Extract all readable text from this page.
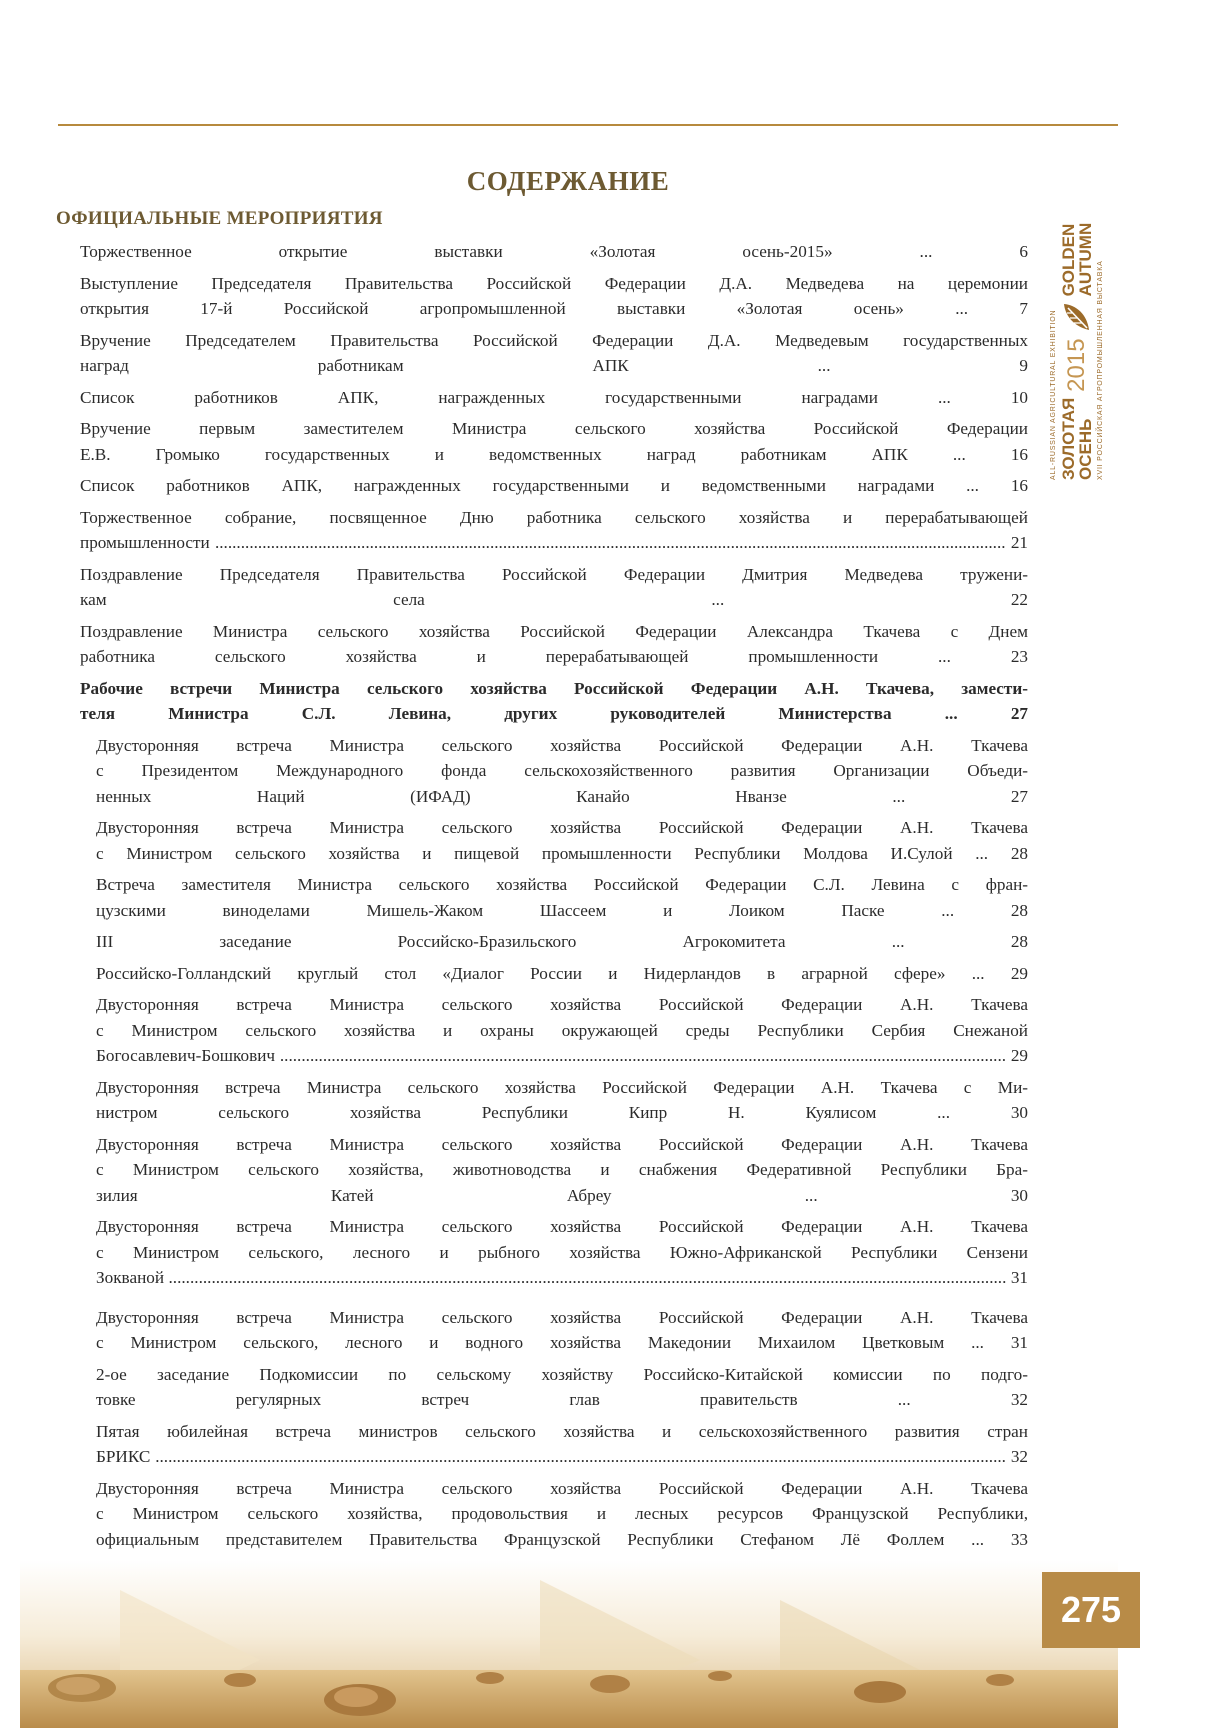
СОДЕРЖАНИЕ
ОФИЦИАЛЬНЫЕ МЕРОПРИЯТИЯ
Торжественное открытие выставки «Золотая осень-2015» ... 6
Выступление Председателя Правительства Российской Федерации Д.А. Медведева на церемонии
открытия 17-й Российской агропромышленной выставки «Золотая осень» ... 7
Вручение Председателем Правительства Российской Федерации Д.А. Медведевым государственных
наград работникам АПК ... 9
Список работников АПК, награжденных государственными наградами ... 10
Вручение первым заместителем Министра сельского хозяйства Российской Федерации
Е.В. Громыко государственных и ведомственных наград работникам АПК ... 16
Список работников АПК, награжденных государственными и ведомственными наградами ... 16
Торжественное собрание, посвященное Дню работника сельского хозяйства и перерабатывающей
промышленности ........................................................................................................................................................................................ 21
Поздравление Председателя Правительства Российской Федерации Дмитрия Медведева тружени-
кам села ... 22
Поздравление Министра сельского хозяйства Российской Федерации Александра Ткачева с Днем
работника сельского хозяйства и перерабатывающей промышленности ... 23
Рабочие встречи Министра сельского хозяйства Российской Федерации А.Н. Ткачева, замести-
теля Министра С.Л. Левина, других руководителей Министерства ... 27
Двусторонняя встреча Министра сельского хозяйства Российской Федерации А.Н. Ткачева
с Президентом Международного фонда сельскохозяйственного развития Организации Объеди-
ненных Наций (ИФАД) Канайо Нванзе ... 27
Двусторонняя встреча Министра сельского хозяйства Российской Федерации А.Н. Ткачева
с Министром сельского хозяйства и пищевой промышленности Республики Молдова И.Сулой ... 28
Встреча заместителя Министра сельского хозяйства Российской Федерации С.Л. Левина с фран-
цузскими виноделами Мишель-Жаком Шассеем и Лоиком Паске ... 28
III заседание Российско-Бразильского Агрокомитета ... 28
Российско-Голландский круглый стол «Диалог России и Нидерландов в аграрной сфере» ... 29
Двусторонняя встреча Министра сельского хозяйства Российской Федерации А.Н. Ткачева
с Министром сельского хозяйства и охраны окружающей среды Республики Сербия Снежаной
Богосавлевич-Бошкович ......................................................................................................................................................................... 29
Двусторонняя встреча Министра сельского хозяйства Российской Федерации А.Н. Ткачева с Ми-
нистром сельского хозяйства Республики Кипр Н. Куялисом ... 30
Двусторонняя встреча Министра сельского хозяйства Российской Федерации А.Н. Ткачева
с Министром сельского хозяйства, животноводства и снабжения Федеративной Республики Бра-
зилия Катей Абреу ... 30
Двусторонняя встреча Министра сельского хозяйства Российской Федерации А.Н. Ткачева
с Министром сельского, лесного и рыбного хозяйства Южно-Африканской Республики Сензени
Зокваной ................................................................................................................................................................................................... 31
Двусторонняя встреча Министра сельского хозяйства Российской Федерации А.Н. Ткачева
с Министром сельского, лесного и водного хозяйства Македонии Михаилом Цветковым ... 31
2-ое заседание Подкомиссии по сельскому хозяйству Российско-Китайской комиссии по подго-
товке регулярных встреч глав правительств ... 32
Пятая юбилейная встреча министров сельского хозяйства и сельскохозяйственного развития стран
БРИКС ...................................................................................................................................................................................................... 32
Двусторонняя встреча Министра сельского хозяйства Российской Федерации А.Н. Ткачева
с Министром сельского хозяйства, продовольствия и лесных ресурсов Французской Республики,
официальным представителем Правительства Французской Республики Стефаном Лё Фоллем ... 33
ALL-RUSSIAN AGRICULTURAL EXHIBITION ЗОЛОТАЯ
ОСЕНЬ
2015
GOLDEN
AUTUMN
XVII РОССИЙСКАЯ АГРОПРОМЫШЛЕННАЯ ВЫСТАВКА
275
